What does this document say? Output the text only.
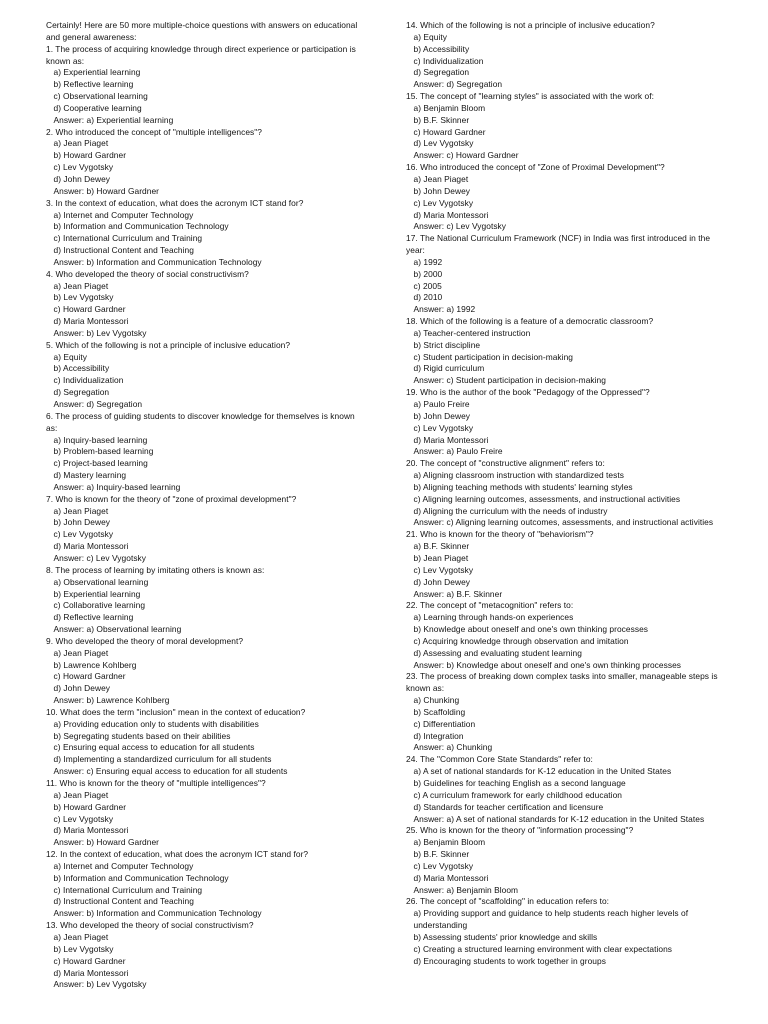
Certainly! Here are 50 more multiple-choice questions with answers on educational and general awareness:
1. The process of acquiring knowledge through direct experience or participation is known as:
a) Experiential learning
b) Reflective learning
c) Observational learning
d) Cooperative learning
Answer: a) Experiential learning
2. Who introduced the concept of "multiple intelligences"?
a) Jean Piaget
b) Howard Gardner
c) Lev Vygotsky
d) John Dewey
Answer: b) Howard Gardner
3. In the context of education, what does the acronym ICT stand for?
a) Internet and Computer Technology
b) Information and Communication Technology
c) International Curriculum and Training
d) Instructional Content and Teaching
Answer: b) Information and Communication Technology
4. Who developed the theory of social constructivism?
a) Jean Piaget
b) Lev Vygotsky
c) Howard Gardner
d) Maria Montessori
Answer: b) Lev Vygotsky
5. Which of the following is not a principle of inclusive education?
a) Equity
b) Accessibility
c) Individualization
d) Segregation
Answer: d) Segregation
6. The process of guiding students to discover knowledge for themselves is known as:
a) Inquiry-based learning
b) Problem-based learning
c) Project-based learning
d) Mastery learning
Answer: a) Inquiry-based learning
7. Who is known for the theory of "zone of proximal development"?
a) Jean Piaget
b) John Dewey
c) Lev Vygotsky
d) Maria Montessori
Answer: c) Lev Vygotsky
8. The process of learning by imitating others is known as:
a) Observational learning
b) Experiential learning
c) Collaborative learning
d) Reflective learning
Answer: a) Observational learning
9. Who developed the theory of moral development?
a) Jean Piaget
b) Lawrence Kohlberg
c) Howard Gardner
d) John Dewey
Answer: b) Lawrence Kohlberg
10. What does the term "inclusion" mean in the context of education?
a) Providing education only to students with disabilities
b) Segregating students based on their abilities
c) Ensuring equal access to education for all students
d) Implementing a standardized curriculum for all students
Answer: c) Ensuring equal access to education for all students
11. Who is known for the theory of "multiple intelligences"?
a) Jean Piaget
b) Howard Gardner
c) Lev Vygotsky
d) Maria Montessori
Answer: b) Howard Gardner
12. In the context of education, what does the acronym ICT stand for?
a) Internet and Computer Technology
b) Information and Communication Technology
c) International Curriculum and Training
d) Instructional Content and Teaching
Answer: b) Information and Communication Technology
13. Who developed the theory of social constructivism?
a) Jean Piaget
b) Lev Vygotsky
c) Howard Gardner
d) Maria Montessori
Answer: b) Lev Vygotsky
14. Which of the following is not a principle of inclusive education?
a) Equity
b) Accessibility
c) Individualization
d) Segregation
Answer: d) Segregation
15. The concept of "learning styles" is associated with the work of:
a) Benjamin Bloom
b) B.F. Skinner
c) Howard Gardner
d) Lev Vygotsky
Answer: c) Howard Gardner
16. Who introduced the concept of "Zone of Proximal Development"?
a) Jean Piaget
b) John Dewey
c) Lev Vygotsky
d) Maria Montessori
Answer: c) Lev Vygotsky
17. The National Curriculum Framework (NCF) in India was first introduced in the year:
a) 1992
b) 2000
c) 2005
d) 2010
Answer: a) 1992
18. Which of the following is a feature of a democratic classroom?
a) Teacher-centered instruction
b) Strict discipline
c) Student participation in decision-making
d) Rigid curriculum
Answer: c) Student participation in decision-making
19. Who is the author of the book "Pedagogy of the Oppressed"?
a) Paulo Freire
b) John Dewey
c) Lev Vygotsky
d) Maria Montessori
Answer: a) Paulo Freire
20. The concept of "constructive alignment" refers to:
a) Aligning classroom instruction with standardized tests
b) Aligning teaching methods with students' learning styles
c) Aligning learning outcomes, assessments, and instructional activities
d) Aligning the curriculum with the needs of industry
Answer: c) Aligning learning outcomes, assessments, and instructional activities
21. Who is known for the theory of "behaviorism"?
a) B.F. Skinner
b) Jean Piaget
c) Lev Vygotsky
d) John Dewey
Answer: a) B.F. Skinner
22. The concept of "metacognition" refers to:
a) Learning through hands-on experiences
b) Knowledge about oneself and one's own thinking processes
c) Acquiring knowledge through observation and imitation
d) Assessing and evaluating student learning
Answer: b) Knowledge about oneself and one's own thinking processes
23. The process of breaking down complex tasks into smaller, manageable steps is known as:
a) Chunking
b) Scaffolding
c) Differentiation
d) Integration
Answer: a) Chunking
24. The "Common Core State Standards" refer to:
a) A set of national standards for K-12 education in the United States
b) Guidelines for teaching English as a second language
c) A curriculum framework for early childhood education
d) Standards for teacher certification and licensure
Answer: a) A set of national standards for K-12 education in the United States
25. Who is known for the theory of "information processing"?
a) Benjamin Bloom
b) B.F. Skinner
c) Lev Vygotsky
d) Maria Montessori
Answer: a) Benjamin Bloom
26. The concept of "scaffolding" in education refers to:
a) Providing support and guidance to help students reach higher levels of understanding
b) Assessing students' prior knowledge and skills
c) Creating a structured learning environment with clear expectations
d) Encouraging students to work together in groups
